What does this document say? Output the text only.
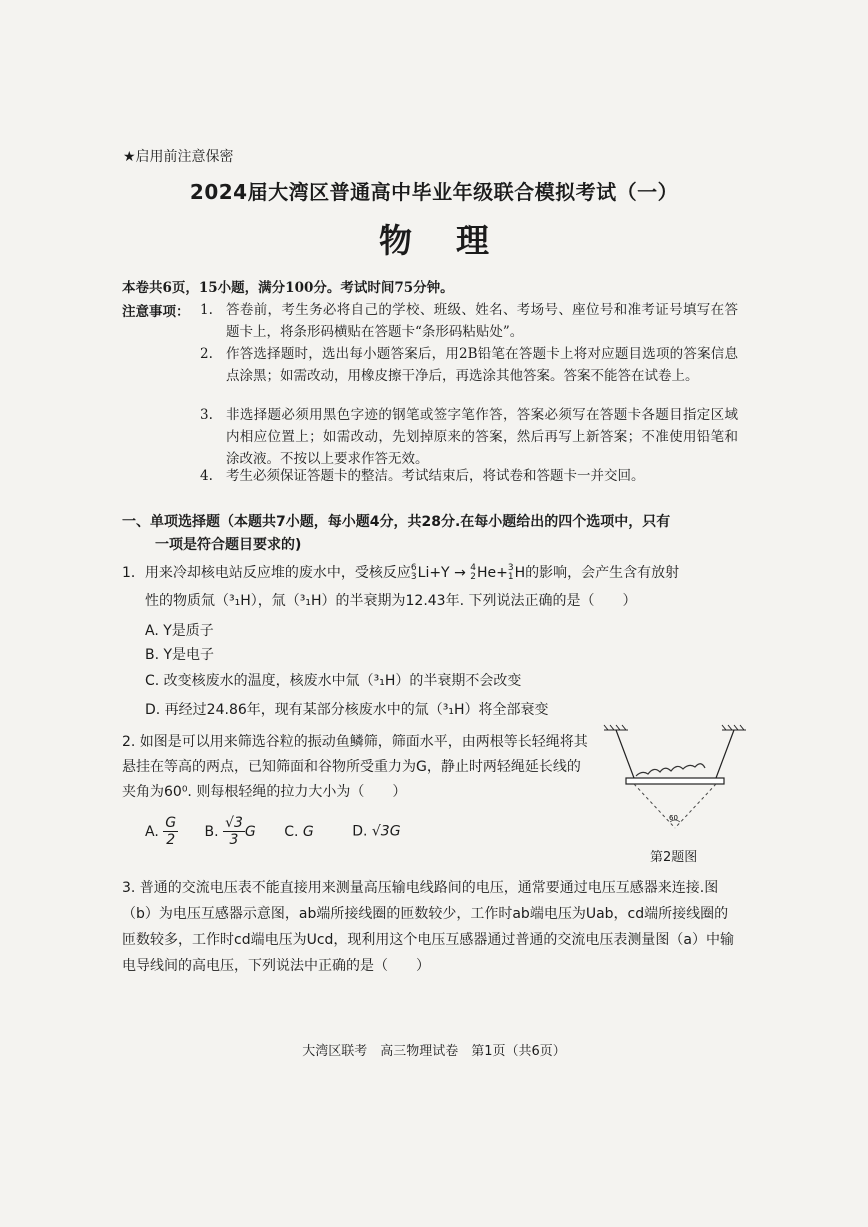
★启用前注意保密
2024届大湾区普通高中毕业年级联合模拟考试（一）
物理
本卷共6页，15小题，满分100分。考试时间75分钟。
注意事项： 1. 答卷前，考生务必将自己的学校、班级、姓名、考场号、座位号和准考证号填写在答题卡上，将条形码横贴在答题卡“条形码粘贴处”。
2. 作答选择题时，选出每小题答案后，用2B铅笔在答题卡上将对应题目选项的答案信息点涂黑；如需改动，用橡皮擦干净后，再选涂其他答案。答案不能答在试卷上。
3. 非选择题必须用黑色字迹的钢笔或签字笔作答，答案必须写在答题卡各题目指定区域内相应位置上；如需改动，先划掉原来的答案，然后再写上新答案；不准使用铅笔和涂改液。不按以上要求作答无效。
4. 考生必须保证答题卡的整洁。考试结束后，将试卷和答题卡一并交回。
一、单项选择题（本题共7小题，每小题4分，共28分.在每小题给出的四个选项中，只有
一项是符合题目要求的)
1．用来冷却核电站反应堆的废水中，受核反应 6
3 Li+Y → 4
2 He+ 3
1 H的影响，会产生含有放射
性的物质氚（³₁H），氚（³₁H）的半衰期为12.43年. 下列说法正确的是（　　）
A. Y是质子
B. Y是电子
C. 改变核废水的温度，核废水中氚（³₁H）的半衰期不会改变
D. 再经过24.86年，现有某部分核废水中的氚（³₁H）将全部衰变
2. 如图是可以用来筛选谷粒的振动鱼鳞筛，筛面水平，由两根等长轻绳将其悬挂在等高的两点，已知筛面和谷物所受重力为G，静止时两轻绳延长线的夹角为60⁰. 则每根轻绳的拉力大小为（　　）
A. $\frac{G}{2} B$. $\frac{√3}{3}$ G C. G	D. √3G
60
第2题图
3. 普通的交流电压表不能直接用来测量高压输电线路间的电压，通常要通过电压互感器来连接.图（b）为电压互感器示意图，ab端所接线圈的匝数较少，工作时ab端电压为Uab，cd端所接线圈的匝数较多，工作时cd端电压为Ucd，现利用这个电压互感器通过普通的交流电压表测量图（a）中输电导线间的高电压，下列说法中正确的是（　　）
大湾区联考　高三物理试卷　第1页（共6页）
